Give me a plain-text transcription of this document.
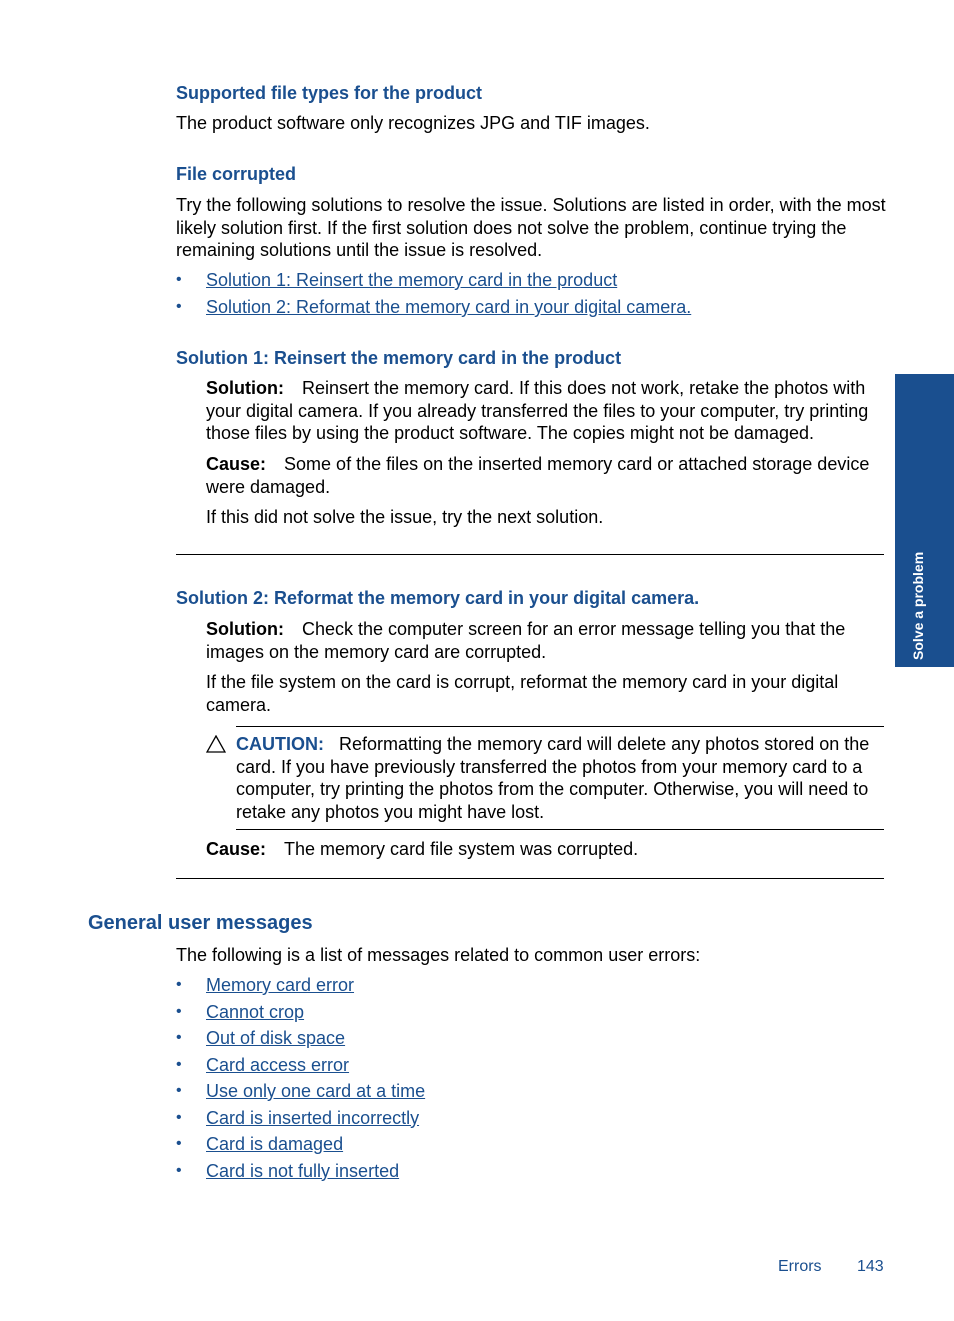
Supported file types for the product
The product software only recognizes JPG and TIF images.
File corrupted
Try the following solutions to resolve the issue. Solutions are listed in order, with the most
likely solution first. If the first solution does not solve the problem, continue trying the
remaining solutions until the issue is resolved.
• Solution 1: Reinsert the memory card in the product
• Solution 2: Reformat the memory card in your digital camera.
Solution 1: Reinsert the memory card in the product
Solution: Reinsert the memory card. If this does not work, retake the photos with
your digital camera. If you already transferred the files to your computer, try printing
those files by using the product software. The copies might not be damaged.
Cause: Some of the files on the inserted memory card or attached storage device
were damaged.
If this did not solve the issue, try the next solution.
Solution 2: Reformat the memory card in your digital camera.
Solution: Check the computer screen for an error message telling you that the
images on the memory card are corrupted.
If the file system on the card is corrupt, reformat the memory card in your digital
camera.
CAUTION: Reformatting the memory card will delete any photos stored on the
card. If you have previously transferred the photos from your memory card to a
computer, try printing the photos from the computer. Otherwise, you will need to
retake any photos you might have lost.
Cause: The memory card file system was corrupted.
General user messages
The following is a list of messages related to common user errors:
• Memory card error
• Cannot crop
• Out of disk space
• Card access error
• Use only one card at a time
• Card is inserted incorrectly
• Card is damaged
• Card is not fully inserted
Solve a problem
Errors 143
